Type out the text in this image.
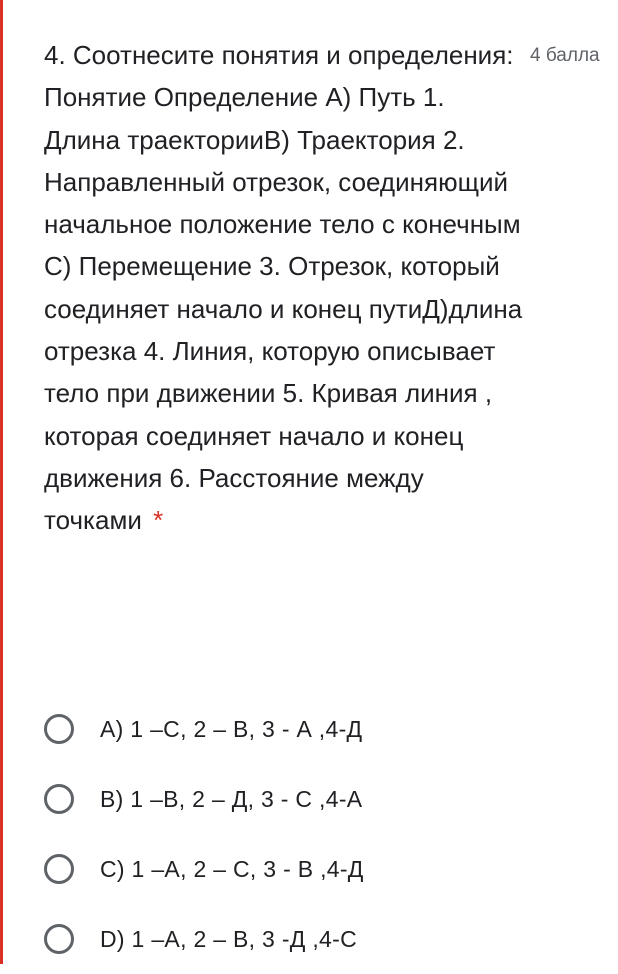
4 балла
4. Соотнесите понятия и определения: Понятие Определение А) Путь 1. Длина траекторииВ) Траектория 2. Направленный отрезок, соединяющий начальное положение тело с конечным С) Перемещение 3. Отрезок, который соединяет начало и конец путиД)длина отрезка 4. Линия, которую описывает тело при движении 5. Кривая линия , которая соединяет начало и конец движения 6. Расстояние между точками *
A) 1 –С, 2 – В, 3 - А ,4-Д
B) 1 –В, 2 – Д, 3 - С ,4-А
C) 1 –А, 2 – С, 3 - В ,4-Д
D) 1 –А, 2 – В, 3 -Д ,4-С
